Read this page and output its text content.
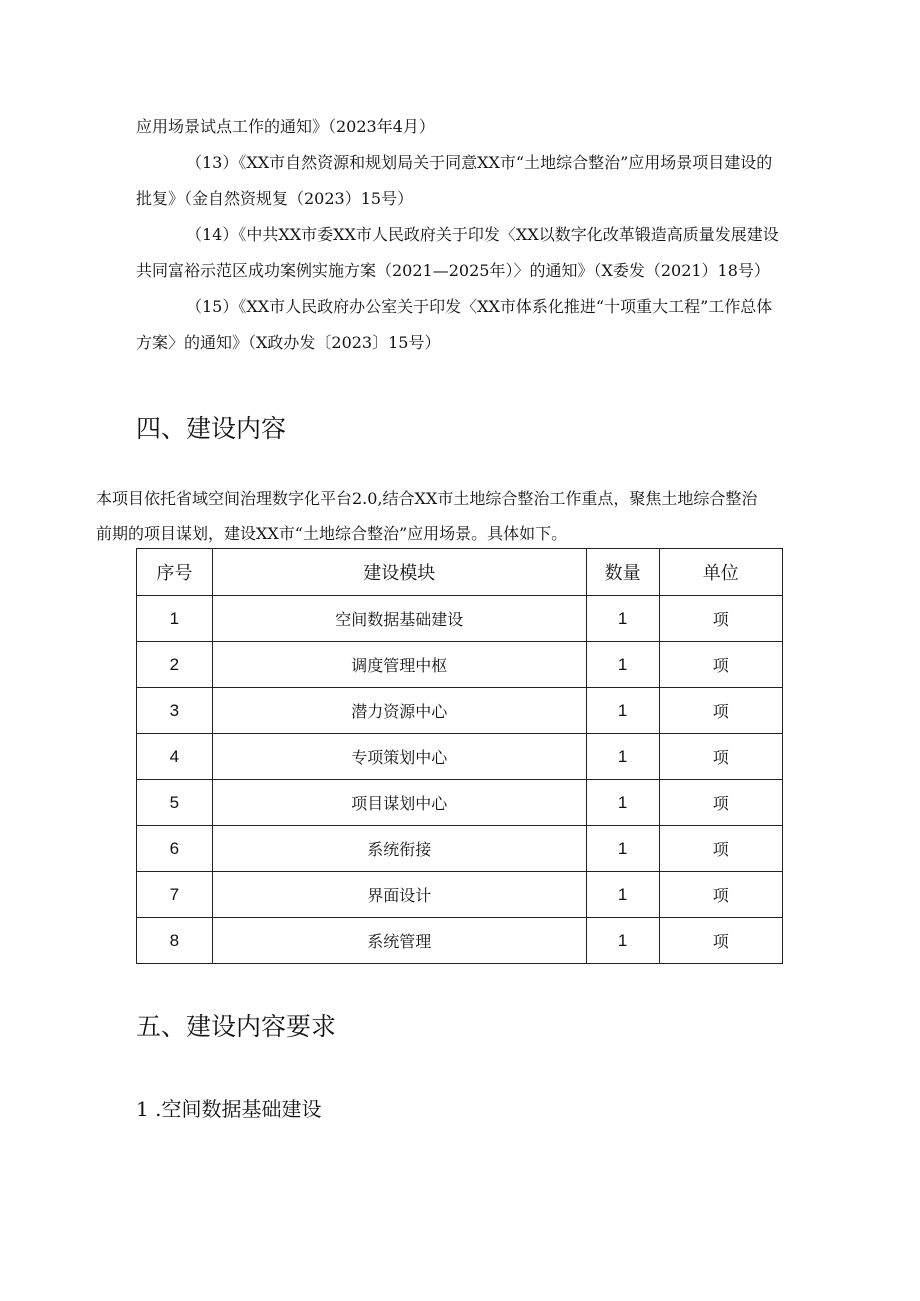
应用场景试点工作的通知》（2023年4月）
（13）《XX市自然资源和规划局关于同意XX市“土地综合整治”应用场景项目建设的
批复》（金自然资规复（2023）15号）
（14）《中共XX市委XX市人民政府关于印发〈XX以数字化改革锻造高质量发展建设
共同富裕示范区成功案例实施方案（2021—2025年）〉的通知》（X委发（2021）18号）
（15）《XX市人民政府办公室关于印发〈XX市体系化推进“十项重大工程”工作总体
方案〉的通知》（X政办发〔2023〕15号）
四、建设内容
本项目依托省域空间治理数字化平台2.0,结合XX市土地综合整治工作重点，聚焦土地综合整治
前期的项目谋划，建设XX市“土地综合整治”应用场景。具体如下。
序号	建设模块	数量	单位
1	空间数据基础建设	1	项
2	调度管理中枢	1	项
3	潜力资源中心	1	项
4	专项策划中心	1	项
5	项目谋划中心	1	项
6	系统衔接	1	项
7	界面设计	1	项
8	系统管理	1	项
五、建设内容要求
1 .空间数据基础建设
